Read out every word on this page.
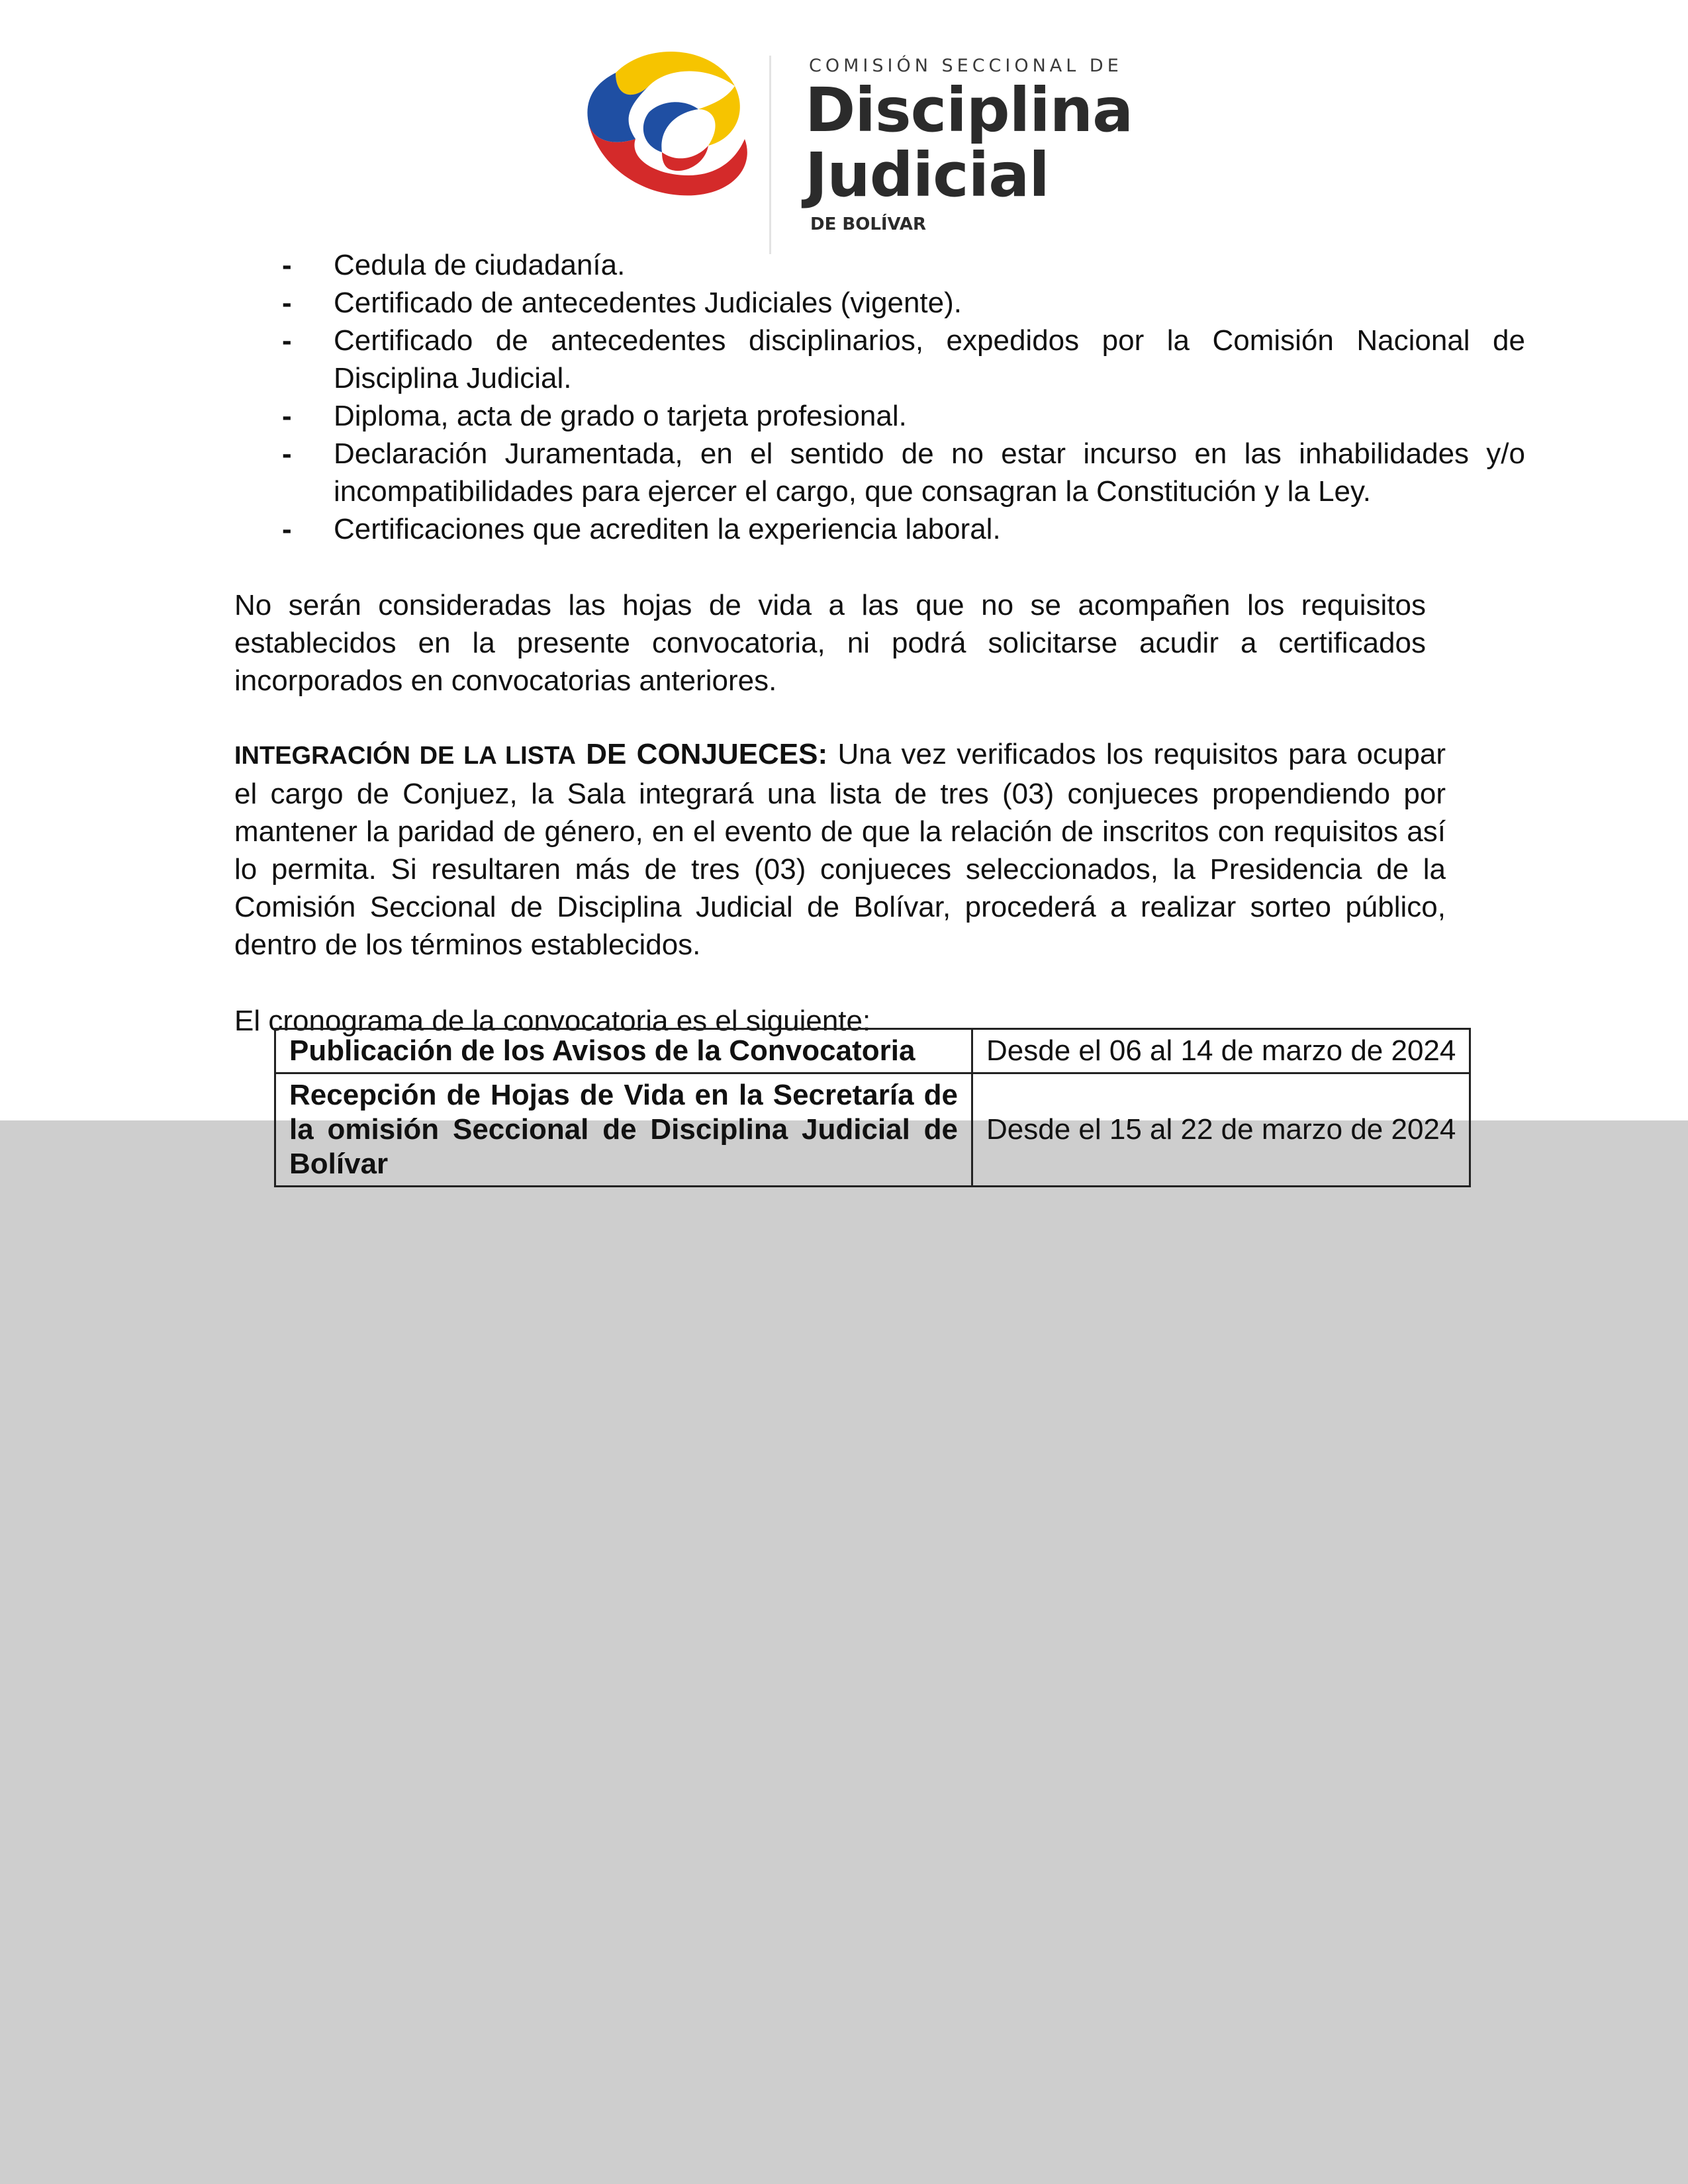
COMISIÓN SECCIONAL DE
Disciplina
Judicial
DE BOLÍVAR
- Cedula de ciudadanía.
- Certificado de antecedentes Judiciales (vigente).
- Certificado de antecedentes disciplinarios, expedidos por la Comisión Nacional de Disciplina Judicial.
- Diploma, acta de grado o tarjeta profesional.
- Declaración Juramentada, en el sentido de no estar incurso en las inhabilidades y/o incompatibilidades para ejercer el cargo, que consagran la Constitución y la Ley.
- Certificaciones que acrediten la experiencia laboral.

No serán consideradas las hojas de vida a las que no se acompañen los requisitos establecidos en la presente convocatoria, ni podrá solicitarse acudir a certificados incorporados en convocatorias anteriores.

INTEGRACIÓN DE LA LISTA DE CONJUECES: Una vez verificados los requisitos para ocupar el cargo de Conjuez, la Sala integrará una lista de tres (03) conjueces propendiendo por mantener la paridad de género, en el evento de que la relación de inscritos con requisitos así lo permita. Si resultaren más de tres (03) conjueces seleccionados, la Presidencia de la Comisión Seccional de Disciplina Judicial de Bolívar, procederá a realizar sorteo público, dentro de los términos establecidos.

El cronograma de la convocatoria es el siguiente:

Publicación de los Avisos de la Convocatoria	Desde el 06 al 14 de marzo de 2024
Recepción de Hojas de Vida en la Secretaría de la omisión Seccional de Disciplina Judicial de Bolívar	Desde el 15 al 22 de marzo de 2024
